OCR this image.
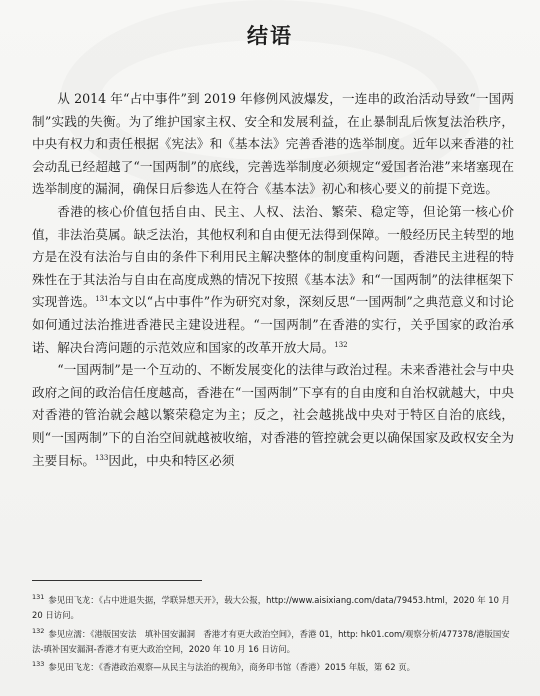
结语

从 2014 年“占中事件”到 2019 年修例风波爆发，一连串的政治活动导致“一国两制”实践的失衡。为了维护国家主权、安全和发展利益，在止暴制乱后恢复法治秩序，中央有权力和责任根据《宪法》和《基本法》完善香港的选举制度。近年以来香港的社会动乱已经超越了“一国两制”的底线，完善选举制度必须规定“爱国者治港”来堵塞现在选举制度的漏洞，确保日后参选人在符合《基本法》初心和核心要义的前提下竞选。

香港的核心价值包括自由、民主、人权、法治、繁荣、稳定等，但论第一核心价值，非法治莫属。缺乏法治，其他权利和自由便无法得到保障。一般经历民主转型的地方是在没有法治与自由的条件下利用民主解决整体的制度重构问题，香港民主进程的特殊性在于其法治与自由在高度成熟的情况下按照《基本法》和“一国两制”的法律框架下实现普选。$^{131}$本文以“占中事件”作为研究对象，深刻反思“一国两制”之典范意义和讨论如何通过法治推进香港民主建设进程。“一国两制”在香港的实行，关乎国家的政治承诺、解决台湾问题的示范效应和国家的改革开放大局。$^{132}$

“一国两制”是一个互动的、不断发展变化的法律与政治过程。未来香港社会与中央政府之间的政治信任度越高，香港在“一国两制”下享有的自由度和自治权就越大，中央对香港的管治就会越以繁荣稳定为主；反之，社会越挑战中央对于特区自治的底线，则“一国两制”下的自治空间就越被收缩，对香港的管控就会更以确保国家及政权安全为主要目标。$^{133}$因此，中央和特区必须

$^{131}$ 参见田飞龙：《占中进退失据，学联异想天开》，载大公报，http://www.aisixiang.com/data/79453.html，2020 年 10 月 20 日访问。

$^{132}$ 参见应濡：《港版国安法　填补国安漏洞　香港才有更大政治空间》，香港 01，http: hk01.com/观察分析/477378/港版国安法-填补国安漏洞-香港才有更大政治空间，2020 年 10 月 16 日访问。

$^{133}$ 参见田飞龙：《香港政治观察—从民主与法治的视角》，商务印书馆（香港）2015 年版，第 62 页。
